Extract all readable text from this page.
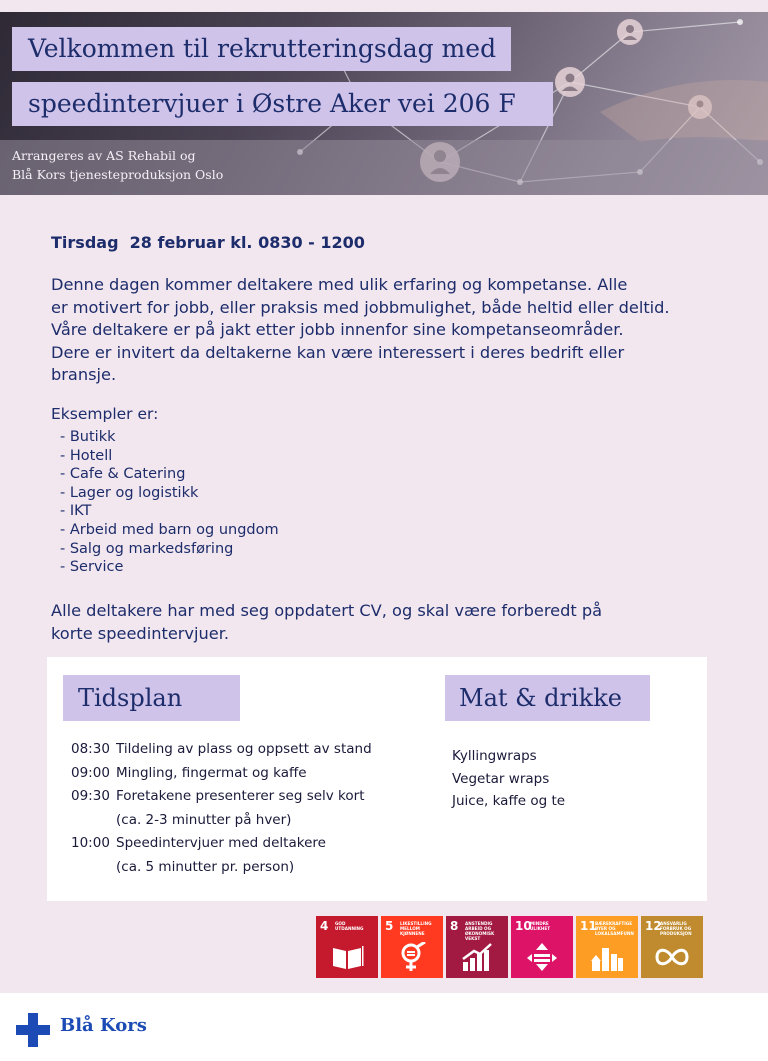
Velkommen til rekrutteringsdag med
speedintervjuer i Østre Aker vei 206 F
Arrangeres av AS Rehabil og
Blå Kors tjenesteproduksjon Oslo
Tirsdag  28 februar kl. 0830 - 1200
Denne dagen kommer deltakere med ulik erfaring og kompetanse. Alle
er motivert for jobb, eller praksis med jobbmulighet, både heltid eller deltid.
Våre deltakere er på jakt etter jobb innenfor sine kompetanseområder.
Dere er invitert da deltakerne kan være interessert i deres bedrift eller
bransje.
Eksempler er:
- Butikk
- Hotell
- Cafe & Catering
- Lager og logistikk
- IKT
- Arbeid med barn og ungdom
- Salg og markedsføring
- Service
Alle deltakere har med seg oppdatert CV, og skal være forberedt på
korte speedintervjuer.
Tidsplan	Mat & drikke
08:30 Tildeling av plass og oppsett av stand
09:00 Mingling, fingermat og kaffe
09:30 Foretakene presenterer seg selv kort
(ca. 2-3 minutter på hver)
10:00 Speedintervjuer med deltakere
(ca. 5 minutter pr. person)
Kyllingwraps
Vegetar wraps
Juice, kaffe og te
4 GOD UTDANNING	5 LIKESTILLING MELLOM KJØNNENE
8 ANSTENDIG ARBEID OG ØKONOMISK VEKST
10
MINDRE ULIKHET	11
BÆREKRAFTIGE BYER OG LOKALSAMFUNN
12
ANSVARLIG FORBRUK OG PRODUKSJON
Blå Kors
